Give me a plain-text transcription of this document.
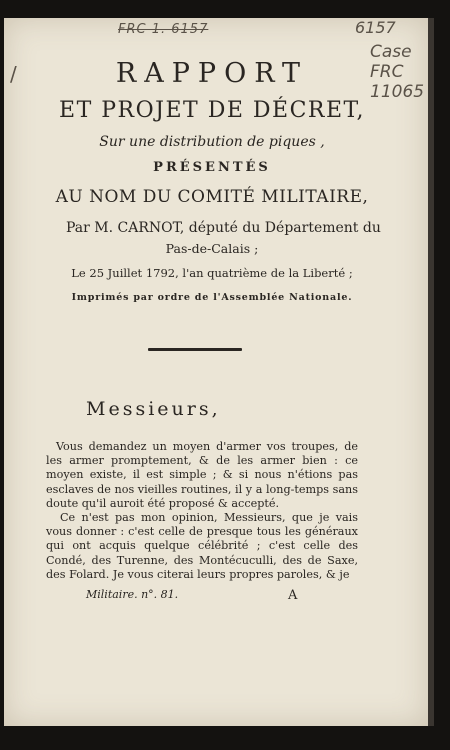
FRC 1. 6157	6157
Case
FRC
11065
/	RAPPORT
ET PROJET DE DÉCRET,
Sur une distribution de piques ,
PRÉSENTÉS
AU NOM DU COMITÉ MILITAIRE,
Par M. CARNOT, député du Département du
Pas-de-Calais ;
Le 25 Juillet 1792, l'an quatrième de la Liberté ;
Imprimés par ordre de l'Assemblée Nationale.
Messieurs,

Vous demandez un moyen d'armer vos troupes, de les armer promptement, & de les armer bien : ce moyen existe, il est simple ; & si nous n'étions pas esclaves de nos vieilles routines, il y a long-temps sans doute qu'il auroit été proposé & accepté.

Ce n'est pas mon opinion, Messieurs, que je vais vous donner : c'est celle de presque tous les généraux qui ont acquis quelque célébrité ; c'est celle des Condé, des Turenne, des Montécuculli, des de Saxe, des Folard. Je vous citerai leurs propres paroles, & je

Militaire. n°. 81.	A
